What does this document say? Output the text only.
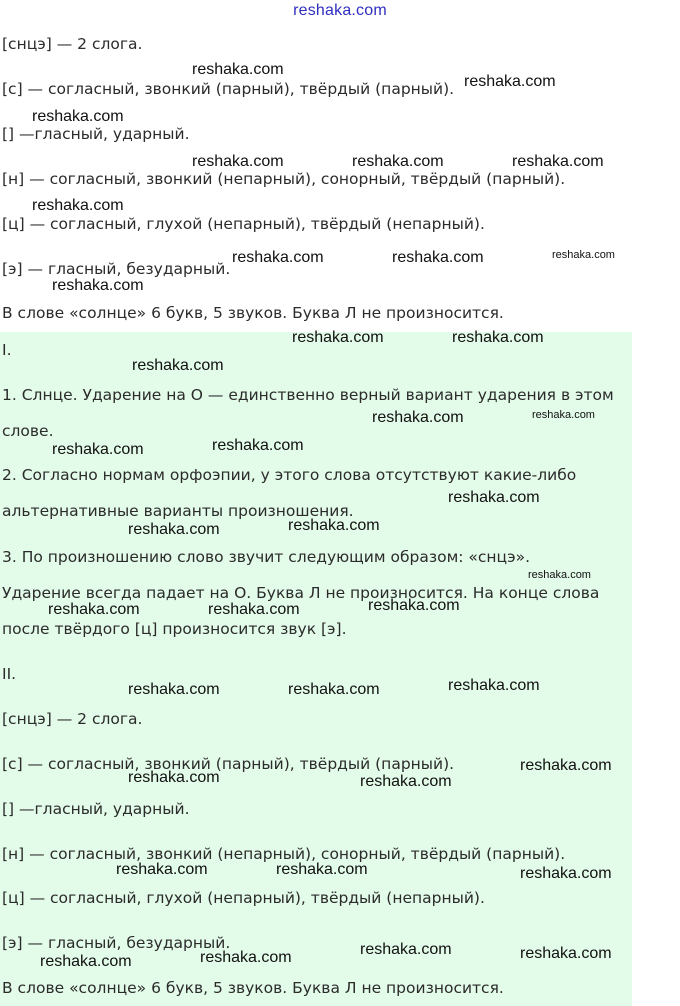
reshaka.com
[снцэ] — 2 слога.
[с] — согласный, звонкий (парный), твёрдый (парный).
[] —гласный, ударный.
[н] — согласный, звонкий (непарный), сонорный, твёрдый (парный).
[ц] — согласный, глухой (непарный), твёрдый (непарный).
[э] — гласный, безударный.
В слове «солнце» 6 букв, 5 звуков. Буква Л не произносится.
I.
1. Слнце. Ударение на О — единственно верный вариант ударения в этом
слове.
2. Согласно нормам орфоэпии, у этого слова отсутствуют какие-либо
альтернативные варианты произношения.
3. По произношению слово звучит следующим образом: «снцэ».
Ударение всегда падает на О. Буква Л не произносится. На конце слова
после твёрдого [ц] произносится звук [э].
II.
[снцэ] — 2 слога.
[с] — согласный, звонкий (парный), твёрдый (парный).
[] —гласный, ударный.
[н] — согласный, звонкий (непарный), сонорный, твёрдый (парный).
[ц] — согласный, глухой (непарный), твёрдый (непарный).
[э] — гласный, безударный.
В слове «солнце» 6 букв, 5 звуков. Буква Л не произносится.
reshaka.com
reshaka.com
reshaka.com
reshaka.com	reshaka.com	reshaka.com
reshaka.com
reshaka.com	reshaka.com	reshaka.com
reshaka.com
reshaka.com	reshaka.com
reshaka.com
reshaka.com	reshaka.com
reshaka.com
reshaka.com
reshaka.com
reshaka.com
reshaka.com
reshaka.com
reshaka.com
reshaka.com	reshaka.com
reshaka.com
reshaka.com	reshaka.com
reshaka.com
reshaka.com	reshaka.com
reshaka.com	reshaka.com	reshaka.com
reshaka.com	reshaka.com
reshaka.com
reshaka.com
